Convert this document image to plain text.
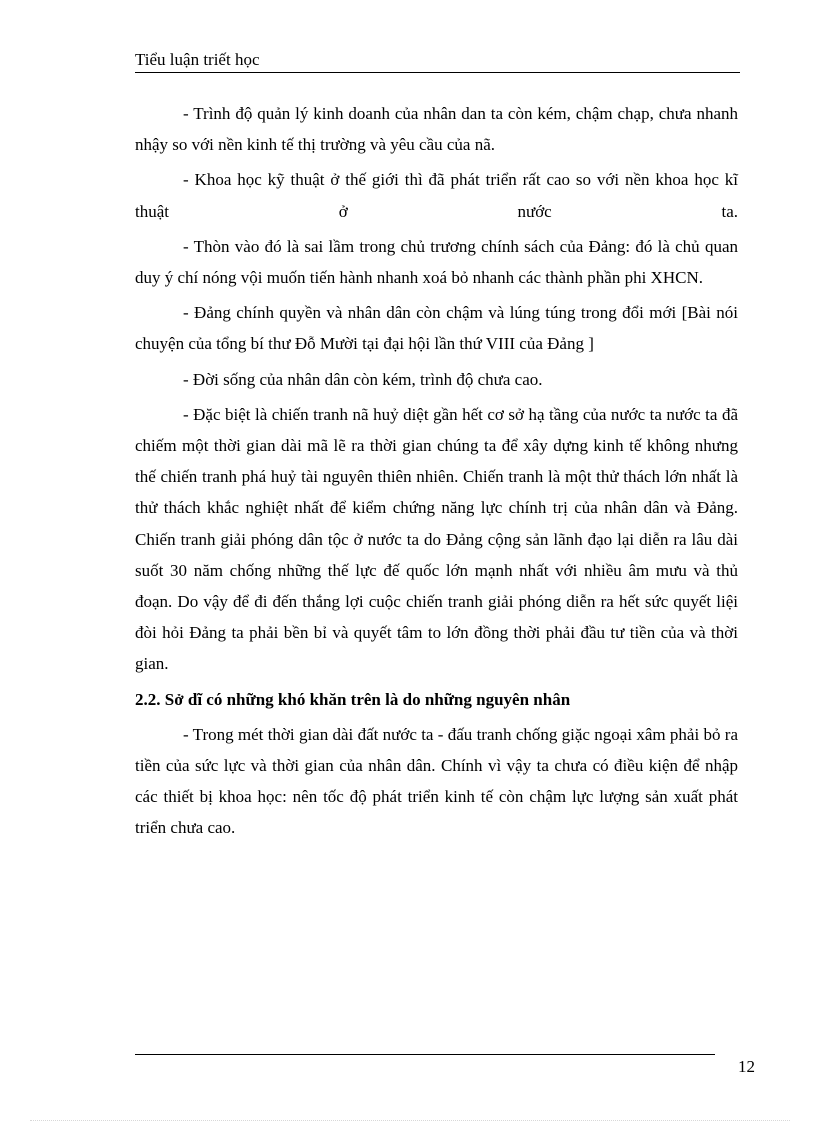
Tiểu luận triết học

- Trình độ quản lý kinh doanh của nhân dan ta còn kém, chậm chạp, chưa nhanh nhậy so với nền kinh tế thị trường và yêu cầu của nã.

- Khoa học kỹ thuật ở thế giới thì đã phát triển rất cao so với nền khoa học kĩ thuật ở nước ta.

- Thòn vào đó là sai lầm trong chủ trương chính sách của Đảng: đó là chủ quan duy ý chí nóng vội muốn tiến hành nhanh xoá bỏ nhanh các thành phần phi XHCN.

- Đảng chính quyền và nhân dân còn chậm và lúng túng trong đổi mới [Bài nói chuyện của tổng bí thư Đỗ Mười tại đại hội lần thứ VIII của Đảng ]

- Đời sống của nhân dân còn kém, trình độ chưa cao.

- Đặc biệt là chiến tranh nã huỷ diệt gần hết cơ sở hạ tầng của nước ta nước ta đã chiếm một thời gian dài mã lẽ ra thời gian chúng ta để xây dựng kinh tế không nhưng thế chiến tranh phá huỷ tài nguyên thiên nhiên. Chiến tranh là một thử thách lớn nhất là thử thách khắc nghiệt nhất để kiểm chứng năng lực chính trị của nhân dân và Đảng. Chiến tranh giải phóng dân tộc ở nước ta do Đảng cộng sản lãnh đạo lại diễn ra lâu dài suốt 30 năm chống những thế lực đế quốc lớn mạnh nhất với nhiều âm mưu và thủ đoạn. Do vậy để đi đến thắng lợi cuộc chiến tranh giải phóng diễn ra hết sức quyết liệi đòi hỏi Đảng ta phải bền bỉ và quyết tâm to lớn đồng thời phải đầu tư tiền của và thời gian.

2.2. Sở dĩ có những khó khăn trên là do những nguyên nhân

- Trong mét thời gian dài đất nước ta - đấu tranh chống giặc ngoại xâm phải bỏ ra tiền của sức lực và thời gian của nhân dân. Chính vì vậy ta chưa có điều kiện để nhập các thiết bị khoa học: nên tốc độ phát triển kinh tế còn chậm lực lượng sản xuất phát triển chưa cao.

12
